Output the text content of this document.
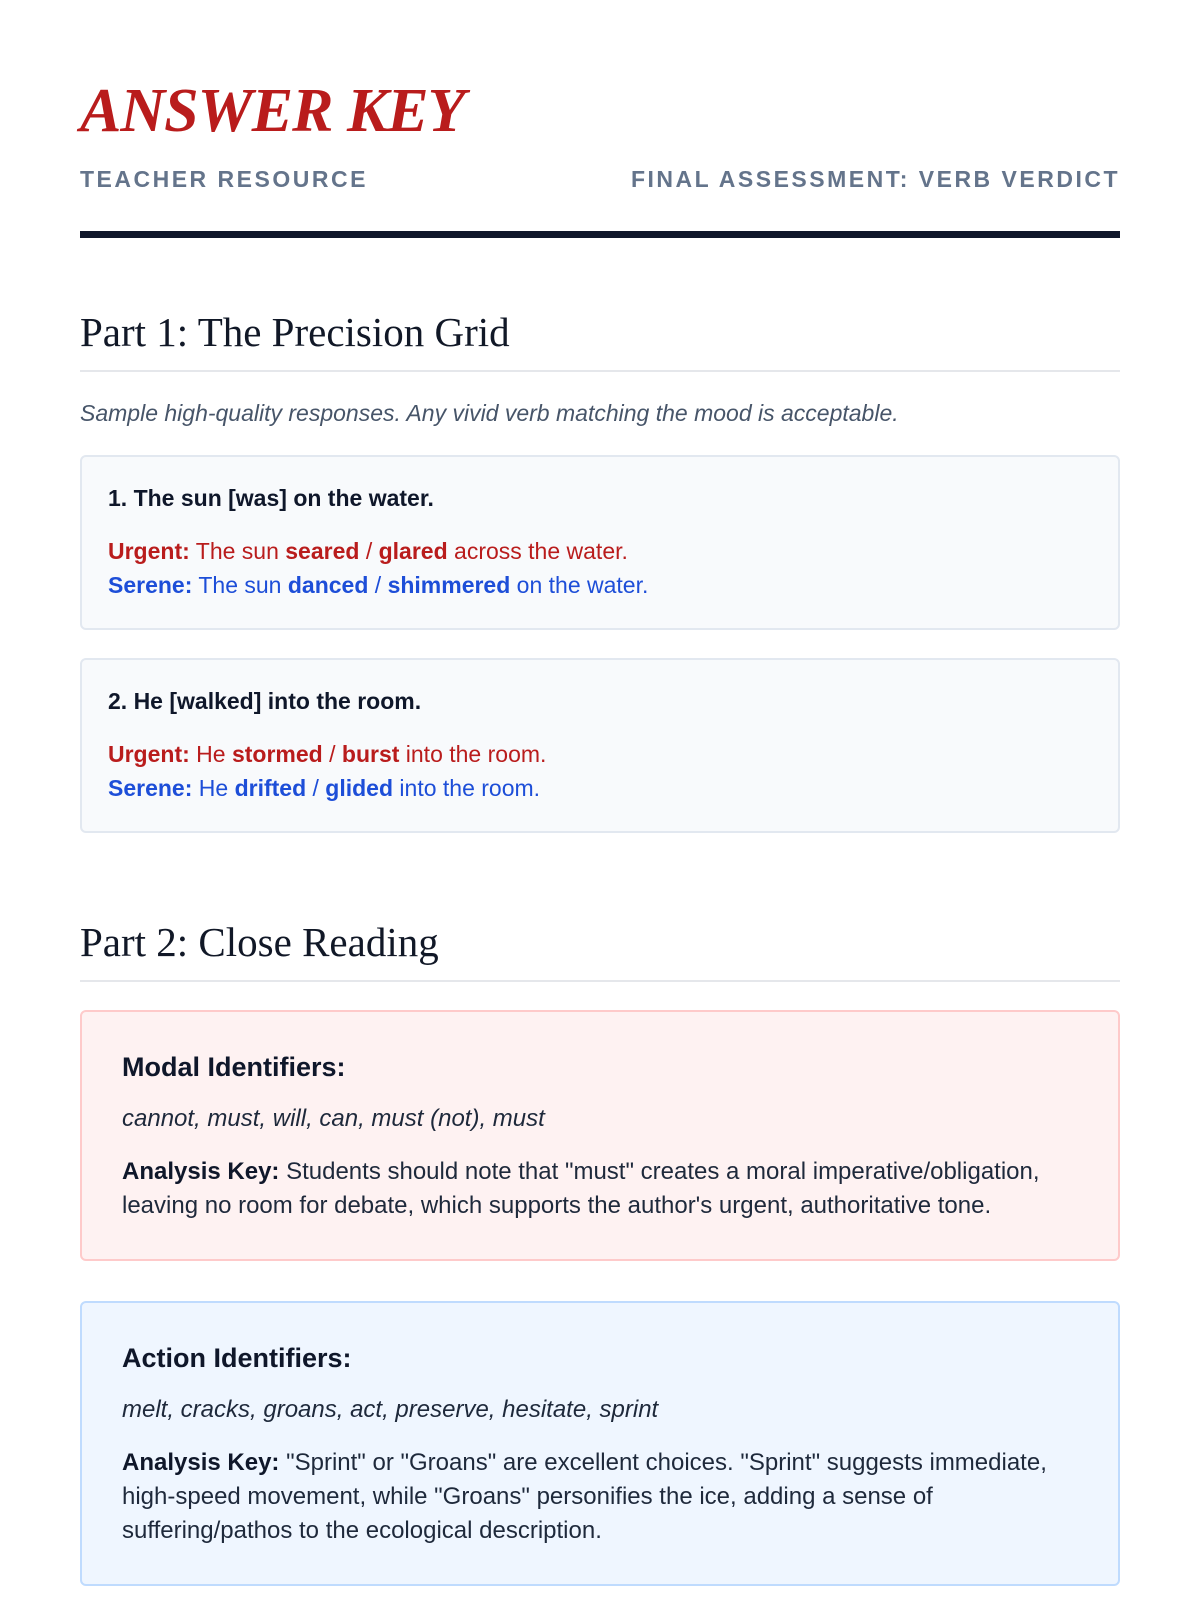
ANSWER KEY
TEACHER RESOURCE	FINAL ASSESSMENT: VERB VERDICT
Part 1: The Precision Grid
Sample high-quality responses. Any vivid verb matching the mood is acceptable.
1. The sun [was] on the water.
Urgent: The sun seared / glared across the water.
Serene: The sun danced / shimmered on the water.
2. He [walked] into the room.
Urgent: He stormed / burst into the room.
Serene: He drifted / glided into the room.
Part 2: Close Reading
Modal Identifiers:
cannot, must, will, can, must (not), must
Analysis Key: Students should note that "must" creates a moral imperative/obligation, leaving no room for debate, which supports the author's urgent, authoritative tone.
Action Identifiers:
melt, cracks, groans, act, preserve, hesitate, sprint
Analysis Key: "Sprint" or "Groans" are excellent choices. "Sprint" suggests immediate, high-speed movement, while "Groans" personifies the ice, adding a sense of suffering/pathos to the ecological description.
